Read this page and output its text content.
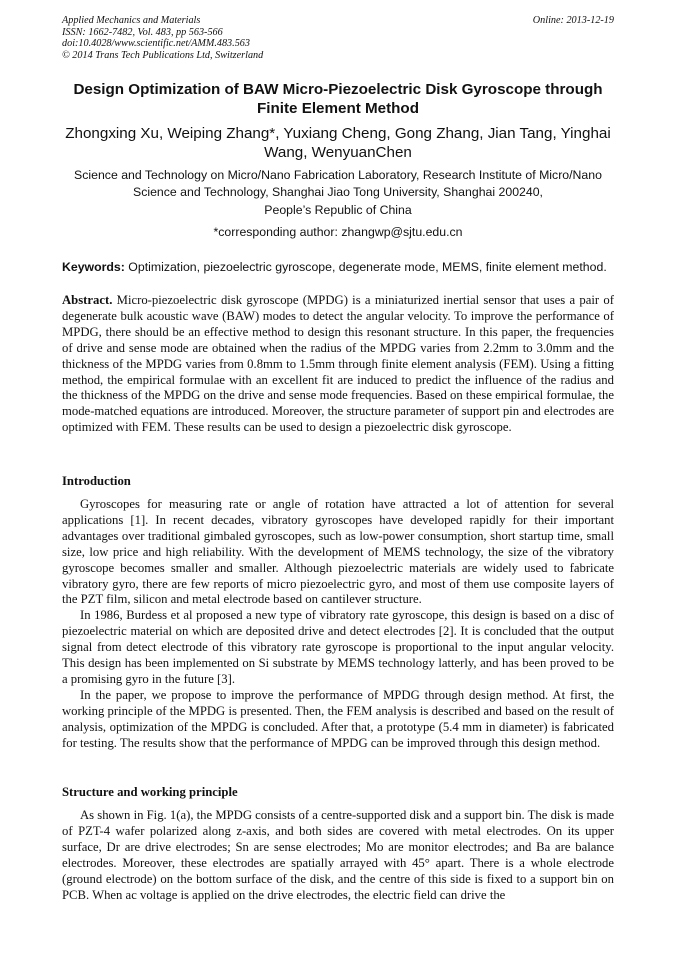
Applied Mechanics and Materials
ISSN: 1662-7482, Vol. 483, pp 563-566
doi:10.4028/www.scientific.net/AMM.483.563
© 2014 Trans Tech Publications Ltd, Switzerland
Online: 2013-12-19
Design Optimization of BAW Micro-Piezoelectric Disk Gyroscope through Finite Element Method
Zhongxing Xu, Weiping Zhang*, Yuxiang Cheng, Gong Zhang, Jian Tang, Yinghai Wang, WenyuanChen
Science and Technology on Micro/Nano Fabrication Laboratory, Research Institute of Micro/Nano Science and Technology, Shanghai Jiao Tong University, Shanghai 200240,
People’s Republic of China
*corresponding author: zhangwp@sjtu.edu.cn
Keywords: Optimization, piezoelectric gyroscope, degenerate mode, MEMS, finite element method.
Abstract. Micro-piezoelectric disk gyroscope (MPDG) is a miniaturized inertial sensor that uses a pair of degenerate bulk acoustic wave (BAW) modes to detect the angular velocity. To improve the performance of MPDG, there should be an effective method to design this resonant structure. In this paper, the frequencies of drive and sense mode are obtained when the radius of the MPDG varies from 2.2mm to 3.0mm and the thickness of the MPDG varies from 0.8mm to 1.5mm through finite element analysis (FEM). Using a fitting method, the empirical formulae with an excellent fit are induced to predict the influence of the radius and the thickness of the MPDG on the drive and sense mode frequencies. Based on these empirical formulae, the mode-matched equations are introduced. Moreover, the structure parameter of support pin and electrodes are optimized with FEM. These results can be used to design a piezoelectric disk gyroscope.
Introduction

Gyroscopes for measuring rate or angle of rotation have attracted a lot of attention for several applications [1]. In recent decades, vibratory gyroscopes have developed rapidly for their important advantages over traditional gimbaled gyroscopes, such as low-power consumption, short startup time, small size, low price and high reliability. With the development of MEMS technology, the size of the vibratory gyroscope becomes smaller and smaller. Although piezoelectric materials are widely used to fabricate vibratory gyro, there are few reports of micro piezoelectric gyro, and most of them use composite layers of the PZT film, silicon and metal electrode based on cantilever structure.

In 1986, Burdess et al proposed a new type of vibratory rate gyroscope, this design is based on a disc of piezoelectric material on which are deposited drive and detect electrodes [2]. It is concluded that the output signal from detect electrode of this vibratory rate gyroscope is proportional to the input angular velocity. This design has been implemented on Si substrate by MEMS technology latterly, and has been proved to be a promising gyro in the future [3].

In the paper, we propose to improve the performance of MPDG through design method. At first, the working principle of the MPDG is presented. Then, the FEM analysis is described and based on the result of analysis, optimization of the MPDG is concluded. After that, a prototype (5.4 mm in diameter) is fabricated for testing. The results show that the performance of MPDG can be improved through this design method.

Structure and working principle

As shown in Fig. 1(a), the MPDG consists of a centre-supported disk and a support bin. The disk is made of PZT-4 wafer polarized along z-axis, and both sides are covered with metal electrodes. On its upper surface, Dr are drive electrodes; Sn are sense electrodes; Mo are monitor electrodes; and Ba are balance electrodes. Moreover, these electrodes are spatially arrayed with 45° apart. There is a whole electrode (ground electrode) on the bottom surface of the disk, and the centre of this side is fixed to a support bin on PCB. When ac voltage is applied on the drive electrodes, the electric field can drive the
